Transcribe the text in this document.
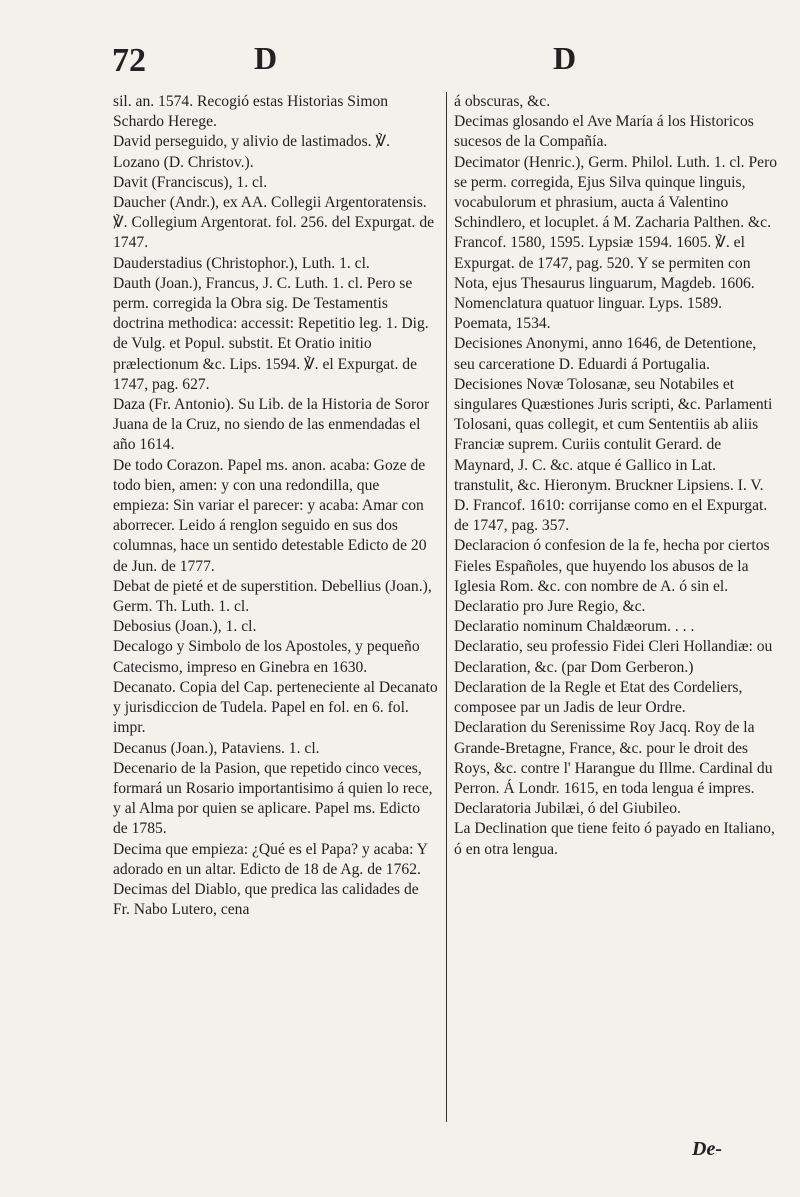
72	D	D

sil. an. 1574. Recogió estas Historias Simon Schardo Herege.

David perseguido, y alivio de lastimados. ℣. Lozano (D. Christov.).

Davit (Franciscus), 1. cl.

Daucher (Andr.), ex AA. Collegii Argentoratensis. ℣. Collegium Argentorat. fol. 256. del Expurgat. de 1747.

Dauderstadius (Christophor.), Luth. 1. cl.

Dauth (Joan.), Francus, J. C. Luth. 1. cl. Pero se perm. corregida la Obra sig. De Testamentis doctrina methodica: accessit: Repetitio leg. 1. Dig. de Vulg. et Popul. substit. Et Oratio initio prælectionum &c. Lips. 1594. ℣. el Expurgat. de 1747, pag. 627.

Daza (Fr. Antonio). Su Lib. de la Historia de Soror Juana de la Cruz, no siendo de las enmendadas el año 1614.

De todo Corazon. Papel ms. anon. acaba: Goze de todo bien, amen: y con una redondilla, que empieza: Sin variar el parecer: y acaba: Amar con aborrecer. Leido á renglon seguido en sus dos columnas, hace un sentido detestable Edicto de 20 de Jun. de 1777.

Debat de pieté et de superstition. Debellius (Joan.), Germ. Th. Luth. 1. cl.

Debosius (Joan.), 1. cl.

Decalogo y Simbolo de los Apostoles, y pequeño Catecismo, impreso en Ginebra en 1630.

Decanato. Copia del Cap. perteneciente al Decanato y jurisdiccion de Tudela. Papel en fol. en 6. fol. impr.

Decanus (Joan.), Pataviens. 1. cl.

Decenario de la Pasion, que repetido cinco veces, formará un Rosario importantisimo á quien lo rece, y al Alma por quien se aplicare. Papel ms. Edicto de 1785.

Decima que empieza: ¿Qué es el Papa? y acaba: Y adorado en un altar. Edicto de 18 de Ag. de 1762.

Decimas del Diablo, que predica las calidades de Fr. Nabo Lutero, cena

á obscuras, &c.

Decimas glosando el Ave María á los Historicos sucesos de la Compañía.

Decimator (Henric.), Germ. Philol. Luth. 1. cl. Pero se perm. corregida, Ejus Silva quinque linguis, vocabulorum et phrasium, aucta á Valentino Schindlero, et locuplet. á M. Zacharia Palthen. &c. Francof. 1580, 1595. Lypsiæ 1594. 1605. ℣. el Expurgat. de 1747, pag. 520. Y se permiten con Nota, ejus Thesaurus linguarum, Magdeb. 1606. Nomenclatura quatuor linguar. Lyps. 1589. Poemata, 1534.

Decisiones Anonymi, anno 1646, de Detentione, seu carceratione D. Eduardi á Portugalia.

Decisiones Novæ Tolosanæ, seu Notabiles et singulares Quæstiones Juris scripti, &c. Parlamenti Tolosani, quas collegit, et cum Sententiis ab aliis Franciæ suprem. Curiis contulit Gerard. de Maynard, J. C. &c. atque é Gallico in Lat. transtulit, &c. Hieronym. Bruckner Lipsiens. I. V. D. Francof. 1610: corrijanse como en el Expurgat. de 1747, pag. 357.

Declaracion ó confesion de la fe, hecha por ciertos Fieles Españoles, que huyendo los abusos de la Iglesia Rom. &c. con nombre de A. ó sin el.

Declaratio pro Jure Regio, &c.

Declaratio nominum Chaldæorum. . . .

Declaratio, seu professio Fidei Cleri Hollandiæ: ou Declaration, &c. (par Dom Gerberon.)

Declaration de la Regle et Etat des Cordeliers, composee par un Jadis de leur Ordre.

Declaration du Serenissime Roy Jacq. Roy de la Grande-Bretagne, France, &c. pour le droit des Roys, &c. contre l' Harangue du Illme. Cardinal du Perron. Á Londr. 1615, en toda lengua é impres.

Declaratoria Jubilæi, ó del Giubileo.

La Declination que tiene feito ó payado en Italiano, ó en otra lengua.

De-
